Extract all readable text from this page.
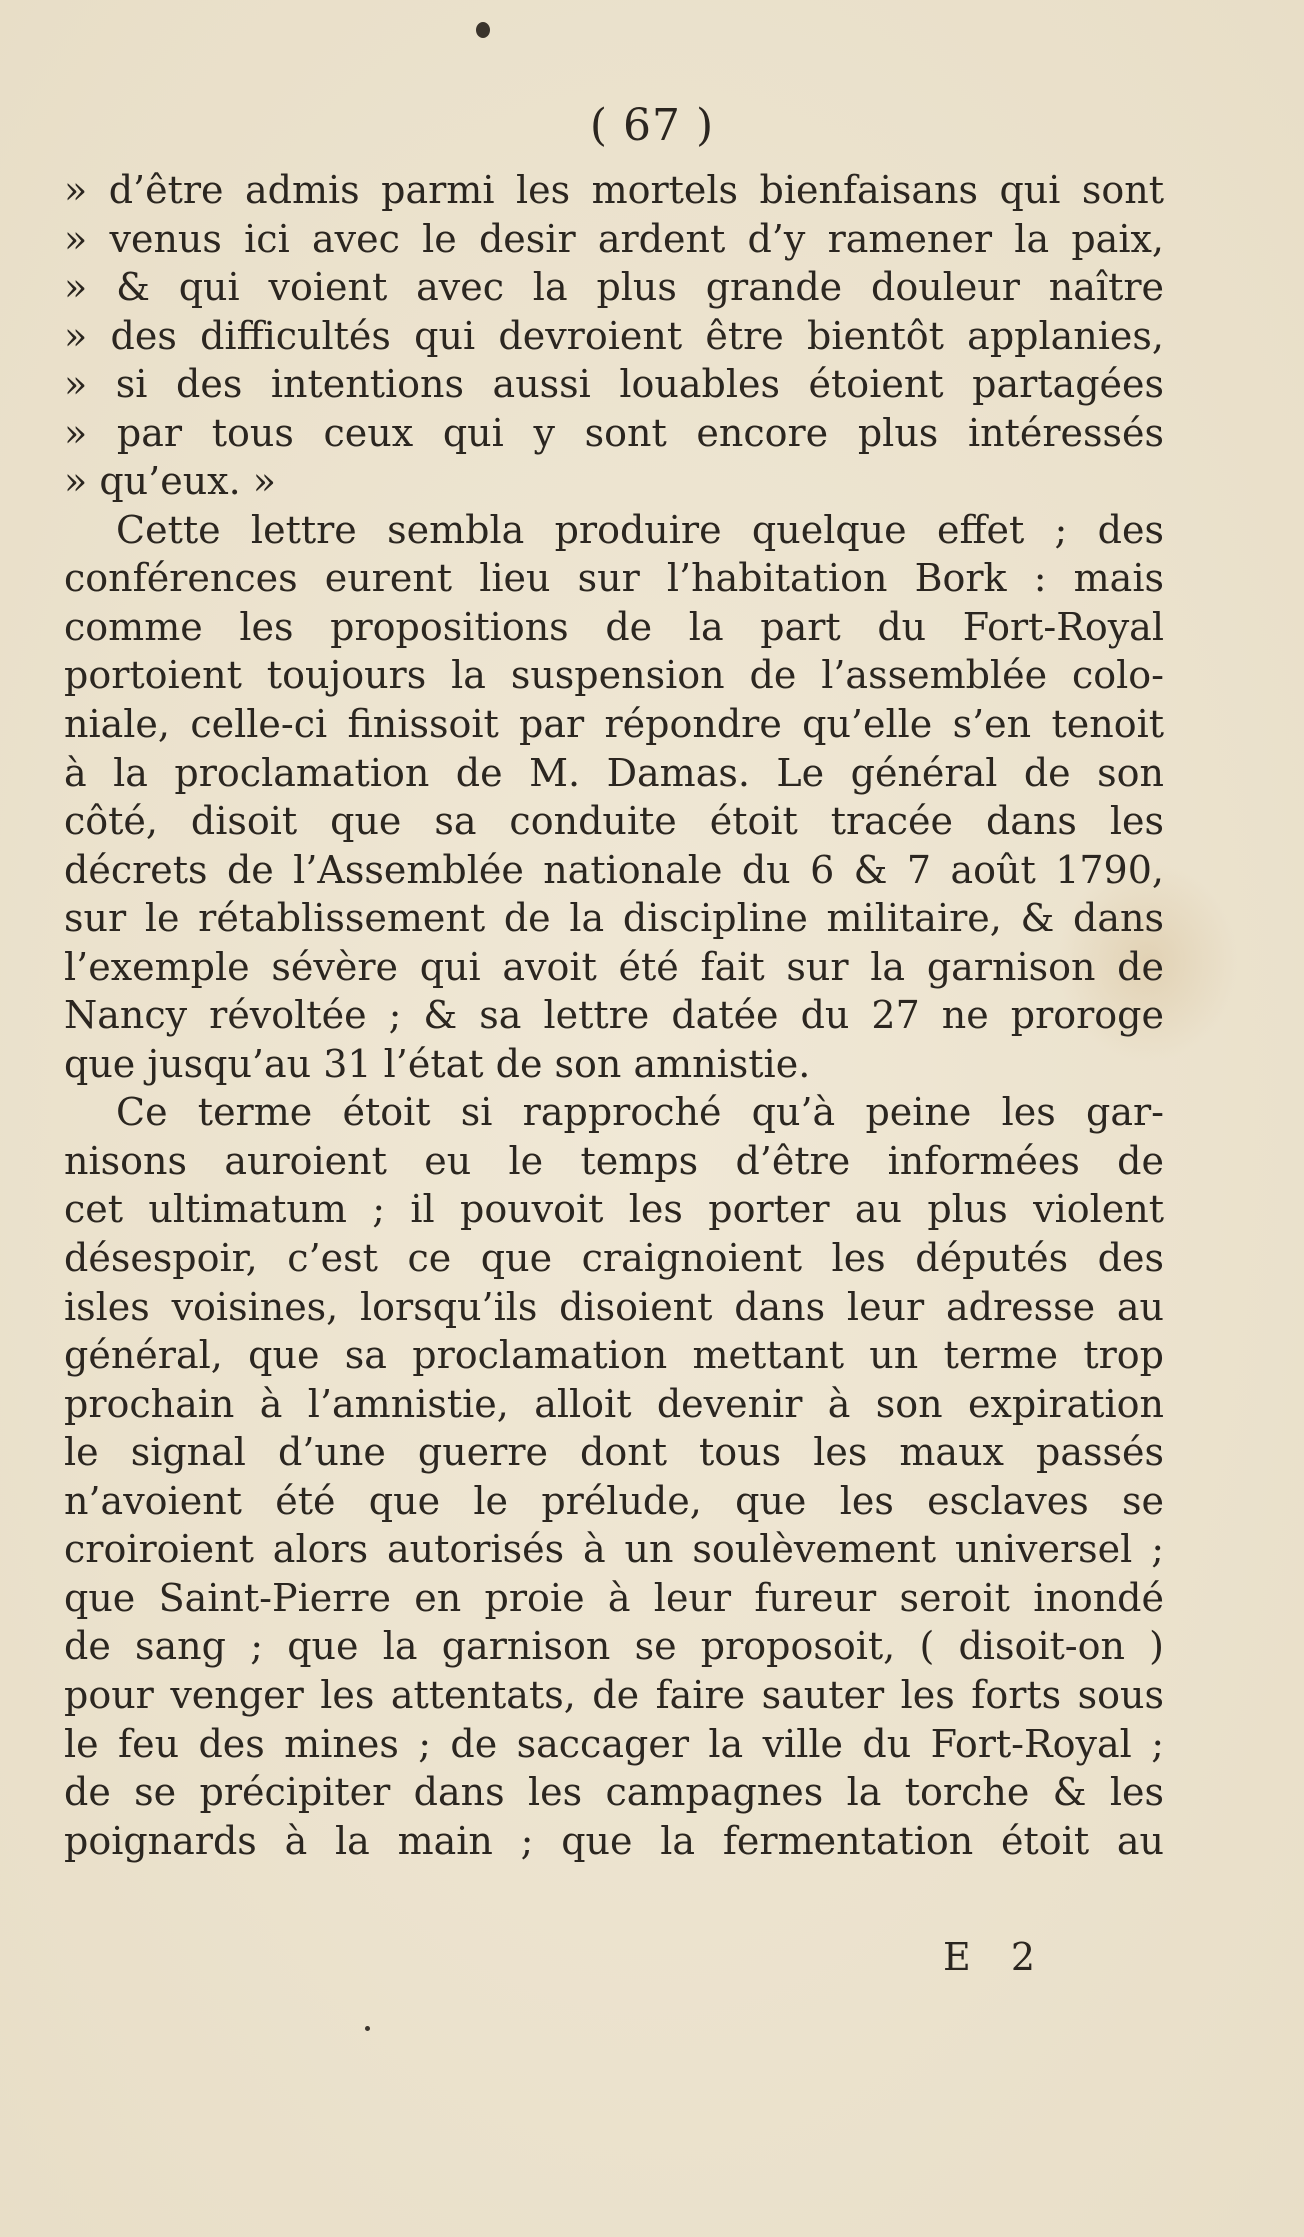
( 67 )
» d’être admis parmi les mortels bienfaisans qui sont
» venus ici avec le desir ardent d’y ramener la paix,
» & qui voient avec la plus grande douleur naître
» des difficultés qui devroient être bientôt applanies,
» si des intentions aussi louables étoient partagées
» par tous ceux qui y sont encore plus intéressés
» qu’eux. »
Cette lettre sembla produire quelque effet ; des
conférences eurent lieu sur l’habitation Bork : mais
comme les propositions de la part du Fort-Royal
portoient toujours la suspension de l’assemblée colo-
niale, celle-ci finissoit par répondre qu’elle s’en tenoit
à la proclamation de M. Damas. Le général de son
côté, disoit que sa conduite étoit tracée dans les
décrets de l’Assemblée nationale du 6 & 7 août 1790,
sur le rétablissement de la discipline militaire, & dans
l’exemple sévère qui avoit été fait sur la garnison de
Nancy révoltée ; & sa lettre datée du 27 ne proroge
que jusqu’au 31 l’état de son amnistie.
Ce terme étoit si rapproché qu’à peine les gar-
nisons auroient eu le temps d’être informées de
cet ultimatum ; il pouvoit les porter au plus violent
désespoir, c’est ce que craignoient les députés des
isles voisines, lorsqu’ils disoient dans leur adresse au
général, que sa proclamation mettant un terme trop
prochain à l’amnistie, alloit devenir à son expiration
le signal d’une guerre dont tous les maux passés
n’avoient été que le prélude, que les esclaves se
croiroient alors autorisés à un soulèvement universel ;
que Saint-Pierre en proie à leur fureur seroit inondé
de sang ; que la garnison se proposoit, ( disoit-on )
pour venger les attentats, de faire sauter les forts sous
le feu des mines ; de saccager la ville du Fort-Royal ;
de se précipiter dans les campagnes la torche & les
poignards à la main ; que la fermentation étoit au
E 2
